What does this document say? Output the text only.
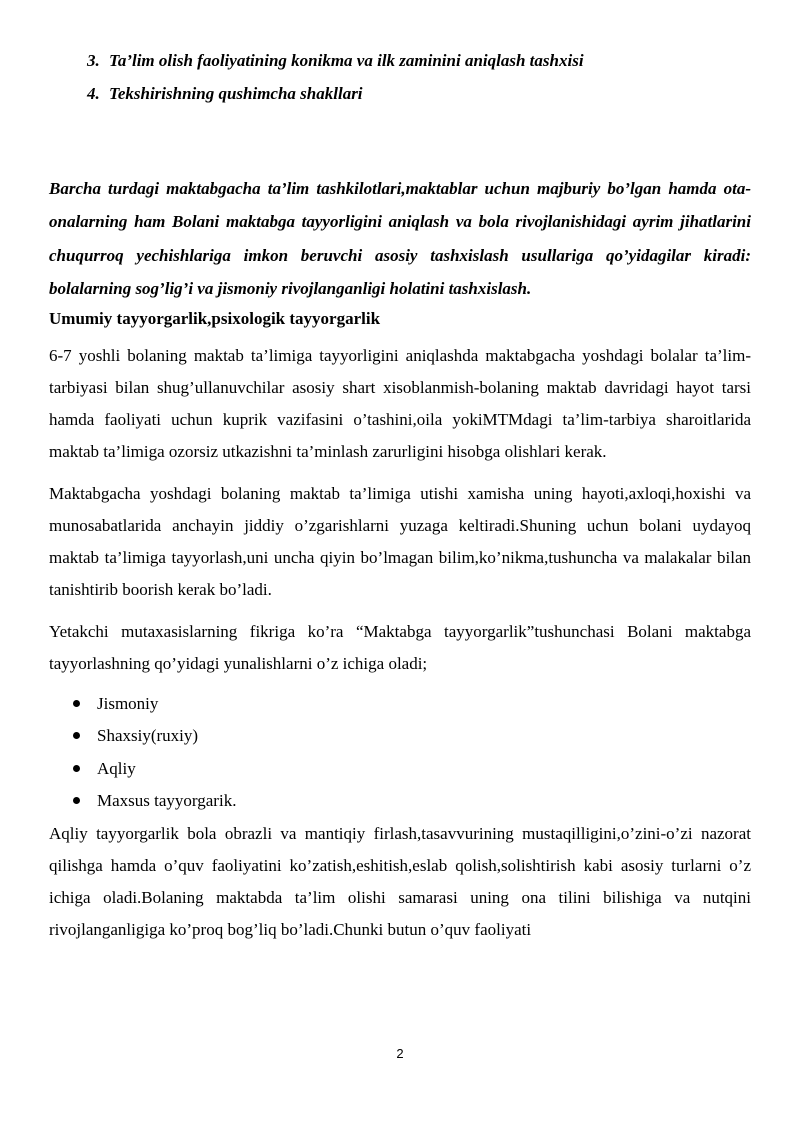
3. Ta’lim olish faoliyatining konikma va ilk zaminini aniqlash tashxisi
4. Tekshirishning qushimcha shakllari

Barcha turdagi maktabgacha ta’lim tashkilotlari,maktablar uchun majburiy bo’lgan hamda ota-onalarning ham Bolani maktabga tayyorligini aniqlash va bola rivojlanishidagi ayrim jihatlarini chuqurroq yechishlariga imkon beruvchi asosiy tashxislash usullariga qo’yidagilar kiradi: bolalarning sog’lig’i va jismoniy rivojlanganligi holatini tashxislash.

Umumiy tayyorgarlik,psixologik tayyorgarlik

6-7 yoshli bolaning maktab ta’limiga tayyorligini aniqlashda maktabgacha yoshdagi bolalar ta’lim-tarbiyasi bilan shug’ullanuvchilar asosiy shart xisoblanmish-bolaning maktab davridagi hayot tarsi hamda faoliyati uchun kuprik vazifasini o’tashini,oila yokiMTMdagi ta’lim-tarbiya sharoitlarida maktab ta’limiga ozorsiz utkazishni ta’minlash zarurligini hisobga olishlari kerak.

Maktabgacha yoshdagi bolaning maktab ta’limiga utishi xamisha uning hayoti,axloqi,hoxishi va munosabatlarida anchayin jiddiy o’zgarishlarni yuzaga keltiradi.Shuning uchun bolani uydayoq maktab ta’limiga tayyorlash,uni uncha qiyin bo’lmagan bilim,ko’nikma,tushuncha va malakalar bilan tanishtirib boorish kerak bo’ladi.

Yetakchi mutaxasislarning fikriga ko’ra “Maktabga tayyorgarlik”tushunchasi Bolani maktabga tayyorlashning qo’yidagi yunalishlarni o’z ichiga oladi;

Jismoniy
Shaxsiy(ruxiy)
Aqliy
Maxsus tayyorgarik.

Aqliy tayyorgarlik bola obrazli va mantiqiy firlash,tasavvurining mustaqilligini,o’zini-o’zi nazorat qilishga hamda o’quv faoliyatini ko’zatish,eshitish,eslab qolish,solishtirish kabi asosiy turlarni o’z ichiga oladi.Bolaning maktabda ta’lim olishi samarasi uning ona tilini bilishiga va nutqini rivojlanganligiga ko’proq bog’liq bo’ladi.Chunki butun o’quv faoliyati

2
